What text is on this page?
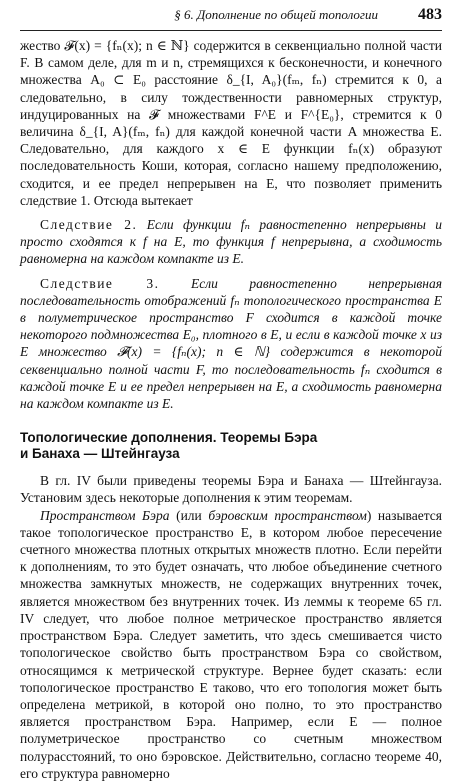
§ 6. Дополнение по общей топологии	483

жество 𝓕(x) = {fₙ(x); n ∈ ℕ} содержится в секвенциально полной части F. В самом деле, для m и n, стремящихся к бесконечности, и конечного множества A₀ ⊂ E₀ расстояние δ_{I, A₀}(fₘ, fₙ) стремится к 0, а следовательно, в силу тождественности равномерных структур, индуцированных на 𝓕 множествами F^E и F^{E₀}, стремится к 0 величина δ_{I, A}(fₘ, fₙ) для каждой конечной части A множества E. Следовательно, для каждого x ∈ E функции fₙ(x) образуют последовательность Коши, которая, согласно нашему предположению, сходится, и ее предел непрерывен на E, что позволяет применить следствие 1. Отсюда вытекает

Следствие 2. Если функции fₙ равностепенно непрерывны и просто сходятся к f на E, то функция f непрерывна, а сходимость равномерна на каждом компакте из E.

Следствие 3. Если равностепенно непрерывная последовательность отображений fₙ топологического пространства E в полуметрическое пространство F сходится в каждой точке некоторого подмножества E₀, плотного в E, и если в каждой точке x из E множество 𝓕(x) = {fₙ(x); n ∈ ℕ} содержится в некоторой секвенциально полной части F, то последовательность fₙ сходится в каждой точке E и ее предел непрерывен на E, а сходимость равномерна на каждом компакте из E.

Топологические дополнения. Теоремы Бэра
и Банаха — Штейнгауза

В гл. IV были приведены теоремы Бэра и Банаха — Штейнгауза. Установим здесь некоторые дополнения к этим теоремам.

Пространством Бэра (или бэровским пространством) называется такое топологическое пространство E, в котором любое пересечение счетного множества плотных открытых множеств плотно. Если перейти к дополнениям, то это будет означать, что любое объединение счетного множества замкнутых множеств, не содержащих внутренних точек, является множеством без внутренних точек. Из леммы к теореме 65 гл. IV следует, что любое полное метрическое пространство является пространством Бэра. Следует заметить, что здесь смешивается чисто топологическое свойство быть пространством Бэра со свойством, относящимся к метрической структуре. Вернее будет сказать: если топологическое пространство E таково, что его топология может быть определена метрикой, в которой оно полно, то это пространство является пространством Бэра. Например, если E — полное полуметрическое пространство со счетным множеством полурасстояний, то оно бэровское. Действительно, согласно теореме 40, его структура равномерно
